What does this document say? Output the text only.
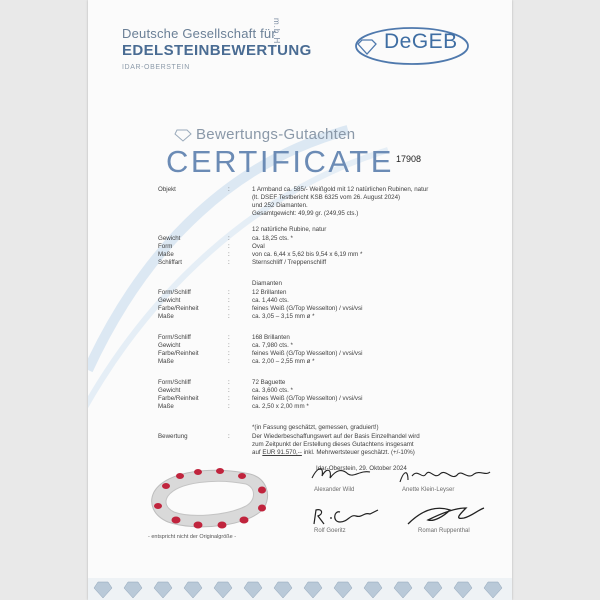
Deutsche Gesellschaft für
EDELSTEINBEWERTUNG
m.b.H.
IDAR-OBERSTEIN
DeGEB
Bewertungs-Gutachten
CERTIFICATE 17908
Objekt	:	1 Armband ca. 585/- Weißgold mit 12 natürlichen Rubinen, natur
(lt. DSEF Testbericht KSB 6325 vom 26. August 2024)
und 252 Diamanten.
Gesamtgewicht: 49,99 gr. (249,95 cts.)
12 natürliche Rubine, natur
Gewicht	:	ca. 18,25 cts. *
Form	:	Oval
Maße	:	von ca. 6,44 x 5,62 bis 9,54 x 6,19 mm *
Schliffart	:	Sternschliff / Treppenschliff
Diamanten
Form/Schliff	:	12 Brillanten
Gewicht	:	ca. 1,440 cts.
Farbe/Reinheit	:	feines Weiß (G/Top Wesselton) / vvsi/vsi
Maße	:	ca. 3,05 – 3,15 mm ø *
Form/Schliff	:	168 Brillanten
Gewicht	:	ca. 7,980 cts. *
Farbe/Reinheit	:	feines Weiß (G/Top Wesselton) / vvsi/vsi
Maße	:	ca. 2,00 – 2,55 mm ø *
Form/Schliff	:	72 Baguette
Gewicht	:	ca. 3,600 cts. *
Farbe/Reinheit	:	feines Weiß (G/Top Wesselton) / vvsi/vsi
Maße	:	ca. 2,50 x 2,00 mm *
*(in Fassung geschätzt, gemessen, graduiert!)
Bewertung	:	Der Wiederbeschaffungswert auf der Basis Einzelhandel wird
zum Zeitpunkt der Erstellung dieses Gutachtens insgesamt
auf EUR 91.570,-- inkl. Mehrwertsteuer geschätzt. (+/-10%)
Idar-Oberstein, 29. Oktober 2024
Alexander Wild	Anette Klein-Leyser
Rolf Goeritz	Roman Ruppenthal
- entspricht nicht der Originalgröße -
